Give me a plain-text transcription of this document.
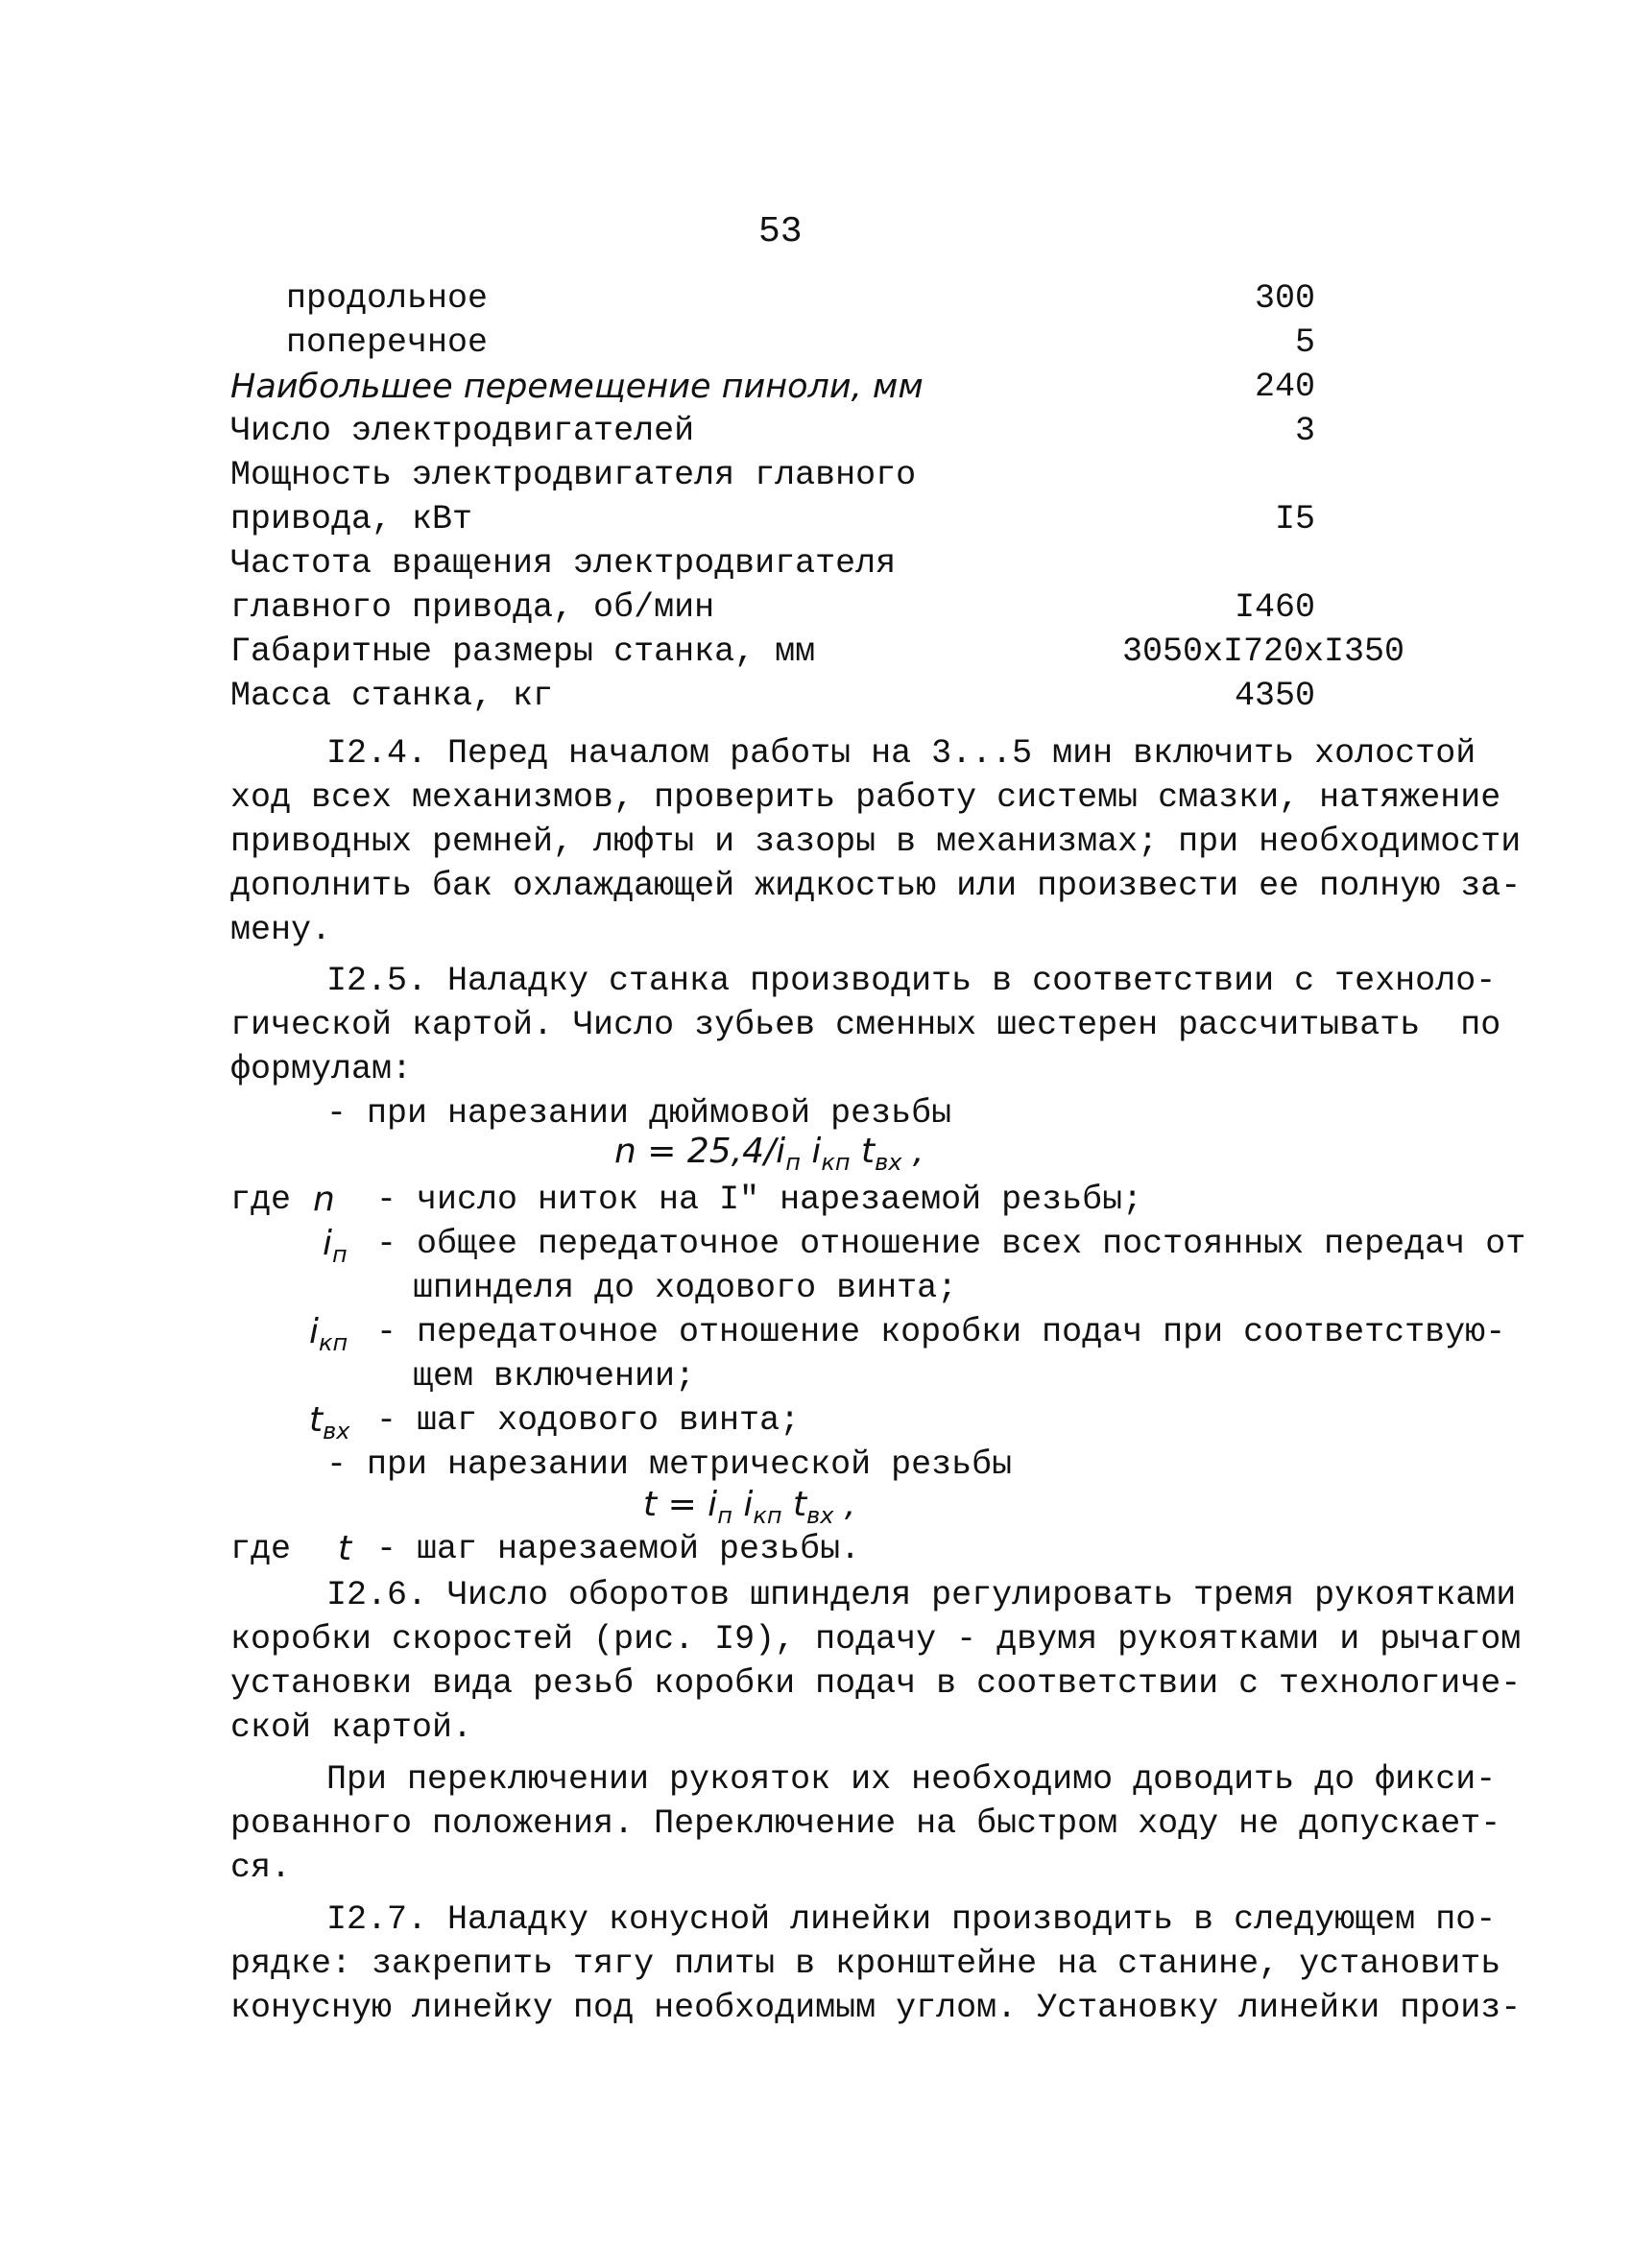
53
продольное	300
поперечное	5
Наибольшее перемещение пиноли, мм	240
Число электродвигателей	3
Мощность электродвигателя главного
привода, кВт	I5
Частота вращения электродвигателя
главного привода, об/мин	I460
Габаритные размеры станка, мм	3050xI720xI350
Масса станка, кг	4350
I2.4. Перед началом работы на 3...5 мин включить холостой
ход всех механизмов, проверить работу системы смазки, натяжение
приводных ремней, люфты и зазоры в механизмах; при необходимости
дополнить бак охлаждающей жидкостью или произвести ее полную за-
мену.
I2.5. Наладку станка производить в соответствии с техноло-
гической картой. Число зубьев сменных шестерен рассчитывать  по
формулам:
- при нарезании дюймовой резьбы
$n = 25,4/i_п$ $i_{кп}$ $t_{вх}$ ,
где n - число ниток на I" нарезаемой резьбы;
$i_п$ - общее передаточное отношение всех постоянных передач от
шпинделя до ходового винта;
$i_{кп}$ - передаточное отношение коробки подач при соответствую-
щем включении;
$t_{вх}$ - шаг ходового винта;
- при нарезании метрической резьбы
$t = i_п$ $i_{кп}$ $t_{вх}$ ,
где t - шаг нарезаемой резьбы.
I2.6. Число оборотов шпинделя регулировать тремя рукоятками
коробки скоростей (рис. I9), подачу - двумя рукоятками и рычагом
установки вида резьб коробки подач в соответствии с технологиче-
ской картой.
При переключении рукояток их необходимо доводить до фикси-
рованного положения. Переключение на быстром ходу не допускает-
ся.
I2.7. Наладку конусной линейки производить в следующем по-
рядке: закрепить тягу плиты в кронштейне на станине, установить
конусную линейку под необходимым углом. Установку линейки произ-
